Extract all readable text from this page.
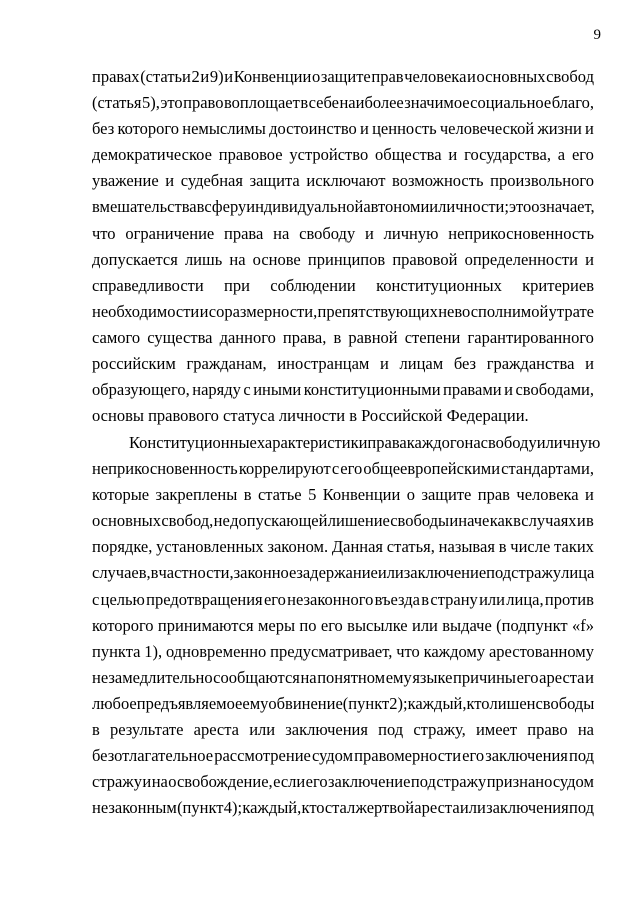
9
правах (статьи 2 и 9) и Конвенции о защите прав человека и основных свобод
(статья 5), это право воплощает в себе наиболее значимое социальное благо,
без которого немыслимы достоинство и ценность человеческой жизни и
демократическое правовое устройство общества и государства, а его
уважение и судебная защита исключают возможность произвольного
вмешательства в сферу индивидуальной автономии личности; это означает,
что ограничение права на свободу и личную неприкосновенность
допускается лишь на основе принципов правовой определенности и
справедливости при соблюдении конституционных критериев
необходимости и соразмерности, препятствующих невосполнимой утрате
самого существа данного права, в равной степени гарантированного
российским гражданам, иностранцам и лицам без гражданства и
образующего, наряду с иными конституционными правами и свободами,
основы правового статуса личности в Российской Федерации.
Конституционные характеристики права каждого на свободу и личную
неприкосновенность коррелируют с его общеевропейскими стандартами,
которые закреплены в статье 5 Конвенции о защите прав человека и
основных свобод, не допускающей лишение свободы иначе как в случаях и в
порядке, установленных законом. Данная статья, называя в числе таких
случаев, в частности, законное задержание или заключение под стражу лица
с целью предотвращения его незаконного въезда в страну или лица, против
которого принимаются меры по его высылке или выдаче (подпункт «f»
пункта 1), одновременно предусматривает, что каждому арестованному
незамедлительно сообщаются на понятном ему языке причины его ареста и
любое предъявляемое ему обвинение (пункт 2); каждый, кто лишен свободы
в результате ареста или заключения под стражу, имеет право на
безотлагательное рассмотрение судом правомерности его заключения под
стражу и на освобождение, если его заключение под стражу признано судом
незаконным (пункт 4); каждый, кто стал жертвой ареста или заключения под
